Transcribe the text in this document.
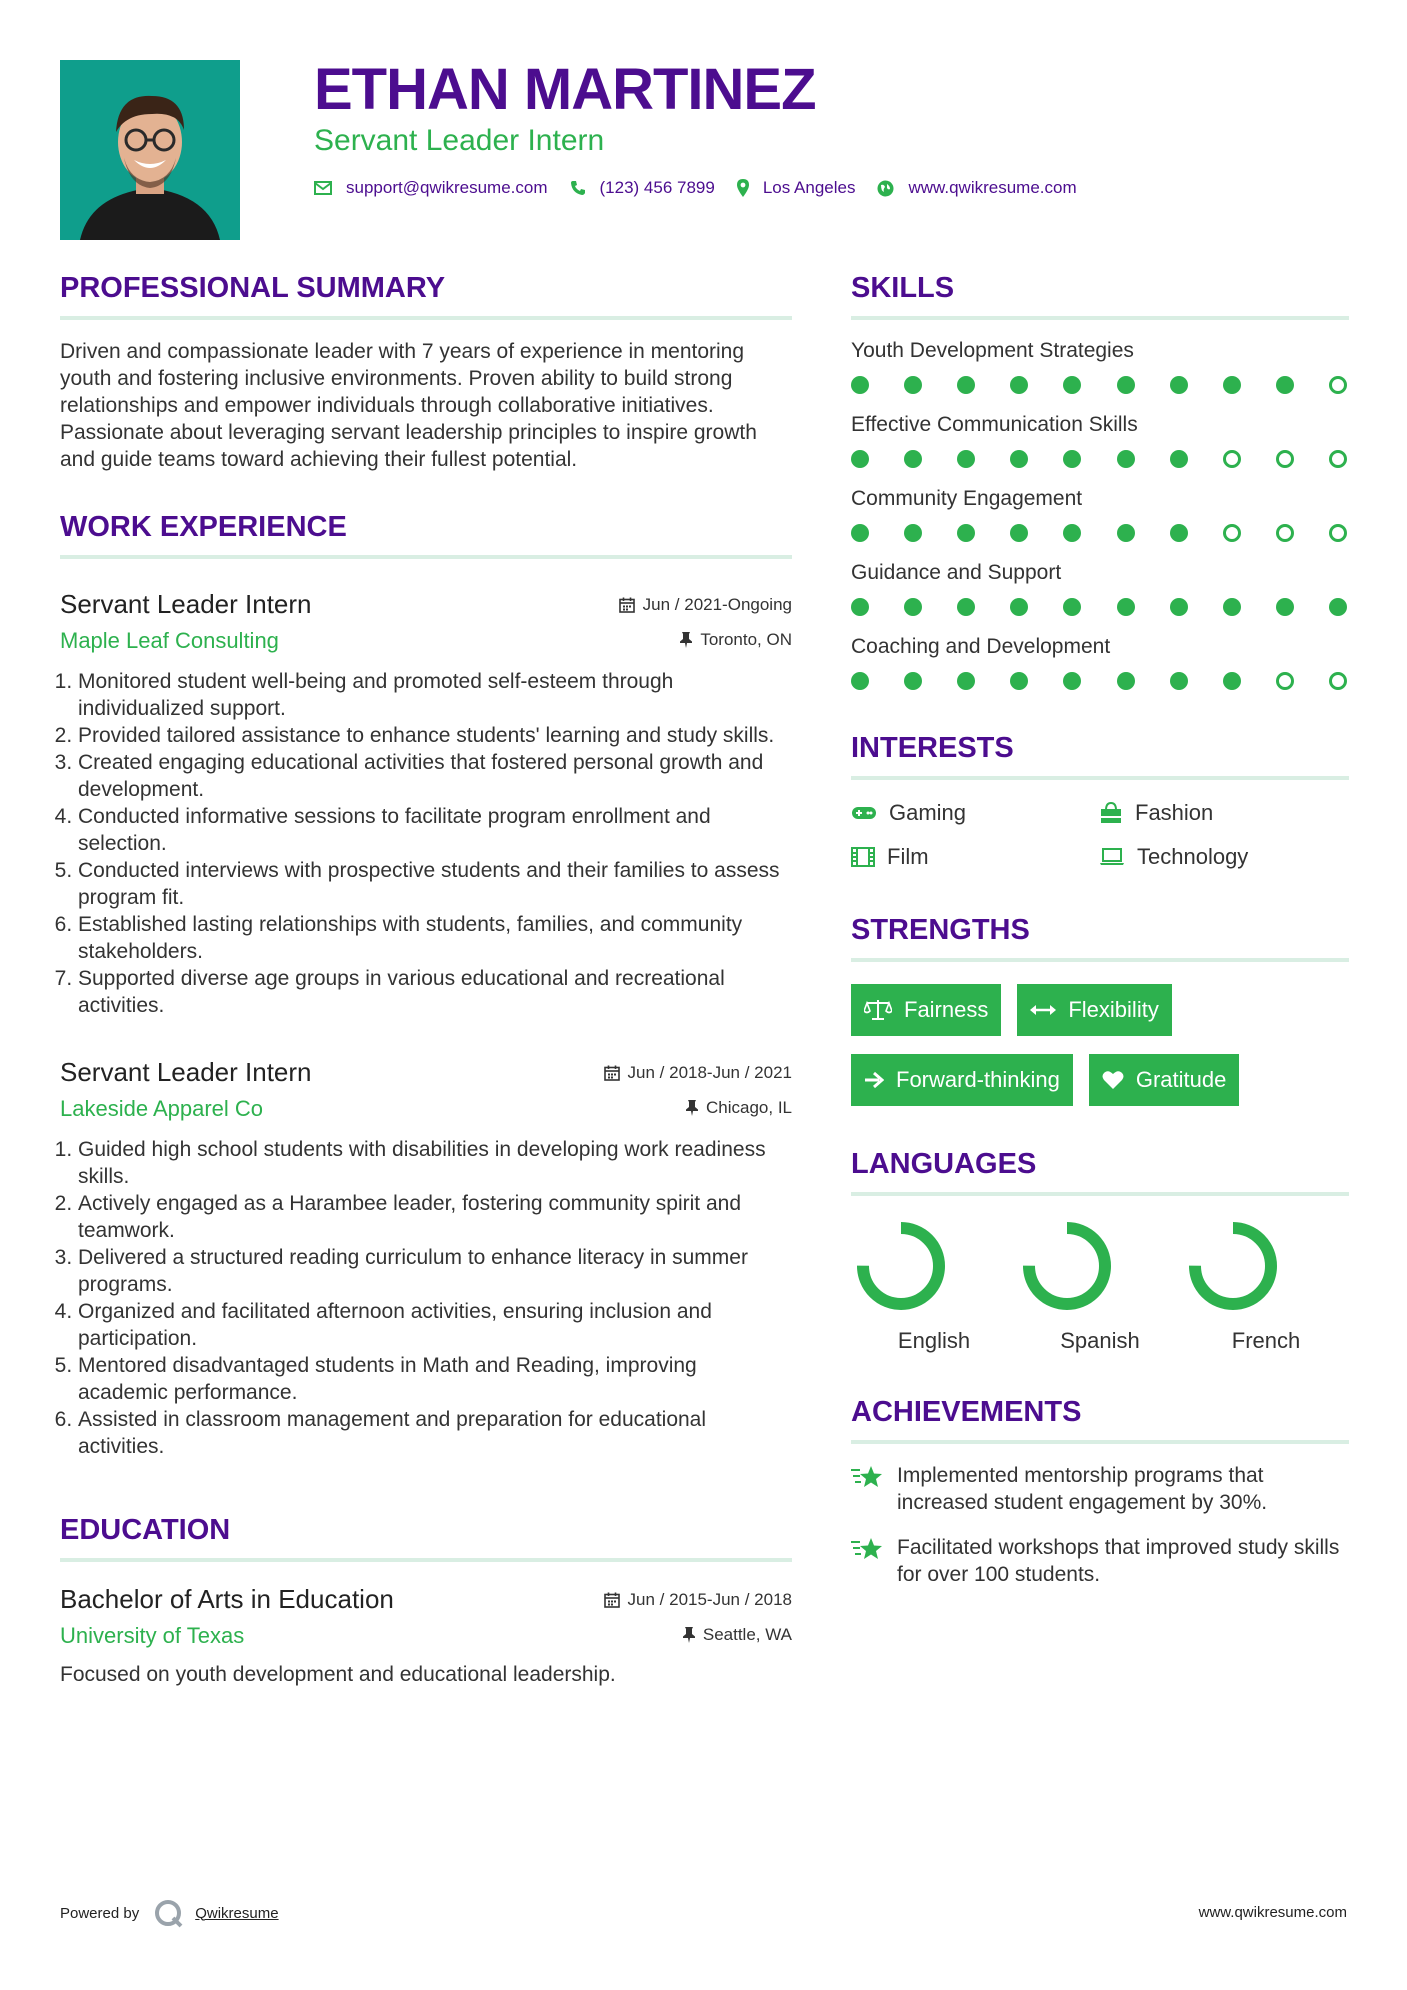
ETHAN MARTINEZ
Servant Leader Intern
support@qwikresume.com	(123) 456 7899	Los Angeles	www.qwikresume.com
PROFESSIONAL SUMMARY
Driven and compassionate leader with 7 years of experience in mentoring youth and fostering inclusive environments. Proven ability to build strong relationships and empower individuals through collaborative initiatives. Passionate about leveraging servant leadership principles to inspire growth and guide teams toward achieving their fullest potential.
WORK EXPERIENCE
Servant Leader Intern	Jun / 2021-Ongoing
Maple Leaf Consulting	Toronto, ON
1. Monitored student well-being and promoted self-esteem through individualized support.
2. Provided tailored assistance to enhance students' learning and study skills.
3. Created engaging educational activities that fostered personal growth and development.
4. Conducted informative sessions to facilitate program enrollment and selection.
5. Conducted interviews with prospective students and their families to assess program fit.
6. Established lasting relationships with students, families, and community stakeholders.
7. Supported diverse age groups in various educational and recreational activities.
Servant Leader Intern	Jun / 2018-Jun / 2021
Lakeside Apparel Co	Chicago, IL
1. Guided high school students with disabilities in developing work readiness skills.
2. Actively engaged as a Harambee leader, fostering community spirit and teamwork.
3. Delivered a structured reading curriculum to enhance literacy in summer programs.
4. Organized and facilitated afternoon activities, ensuring inclusion and participation.
5. Mentored disadvantaged students in Math and Reading, improving academic performance.
6. Assisted in classroom management and preparation for educational activities.
EDUCATION
Bachelor of Arts in Education	Jun / 2015-Jun / 2018
University of Texas	Seattle, WA
Focused on youth development and educational leadership.
SKILLS
Youth Development Strategies
Effective Communication Skills
Community Engagement
Guidance and Support
Coaching and Development
INTERESTS
Gaming	Fashion
Film	Technology
STRENGTHS
Fairness	Flexibility
Forward-thinking	Gratitude
LANGUAGES
English	Spanish	French
ACHIEVEMENTS
Implemented mentorship programs that increased student engagement by 30%.
Facilitated workshops that improved study skills for over 100 students.
Powered by	Qwikresume	www.qwikresume.com
